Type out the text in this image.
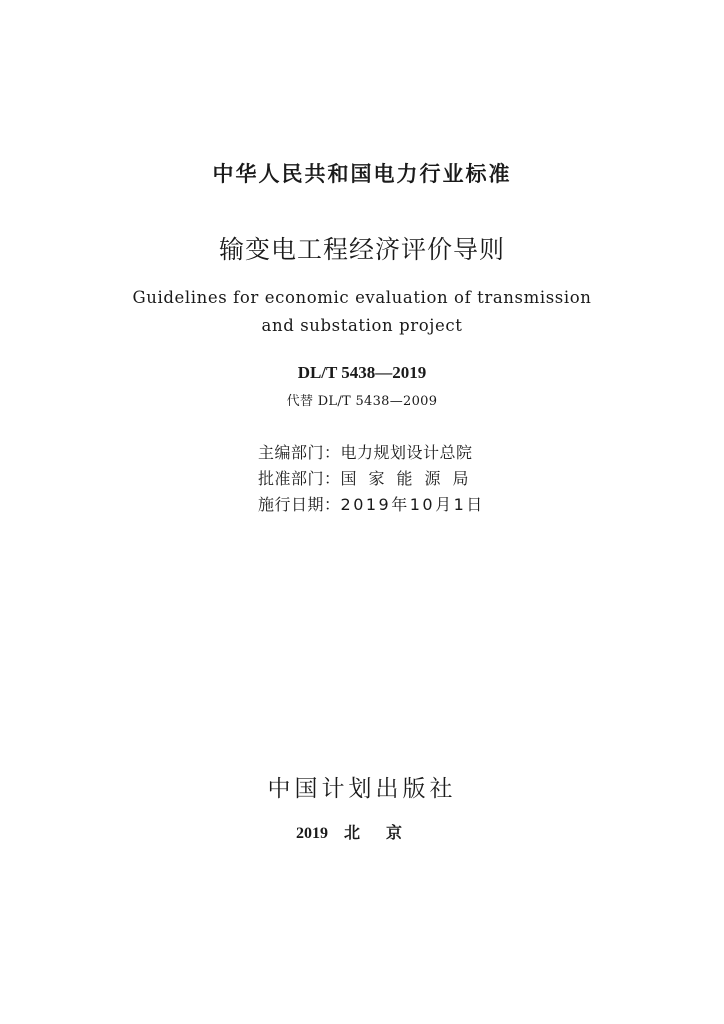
中华人民共和国电力行业标准
输变电工程经济评价导则
Guidelines for economic evaluation of transmission
and substation project
DL/T 5438—2019
代替 DL/T 5438—2009
主编部门：电力规划设计总院
批准部门：国家能源局
施行日期：2019年10月1日
中国计划出版社
2019 北京
